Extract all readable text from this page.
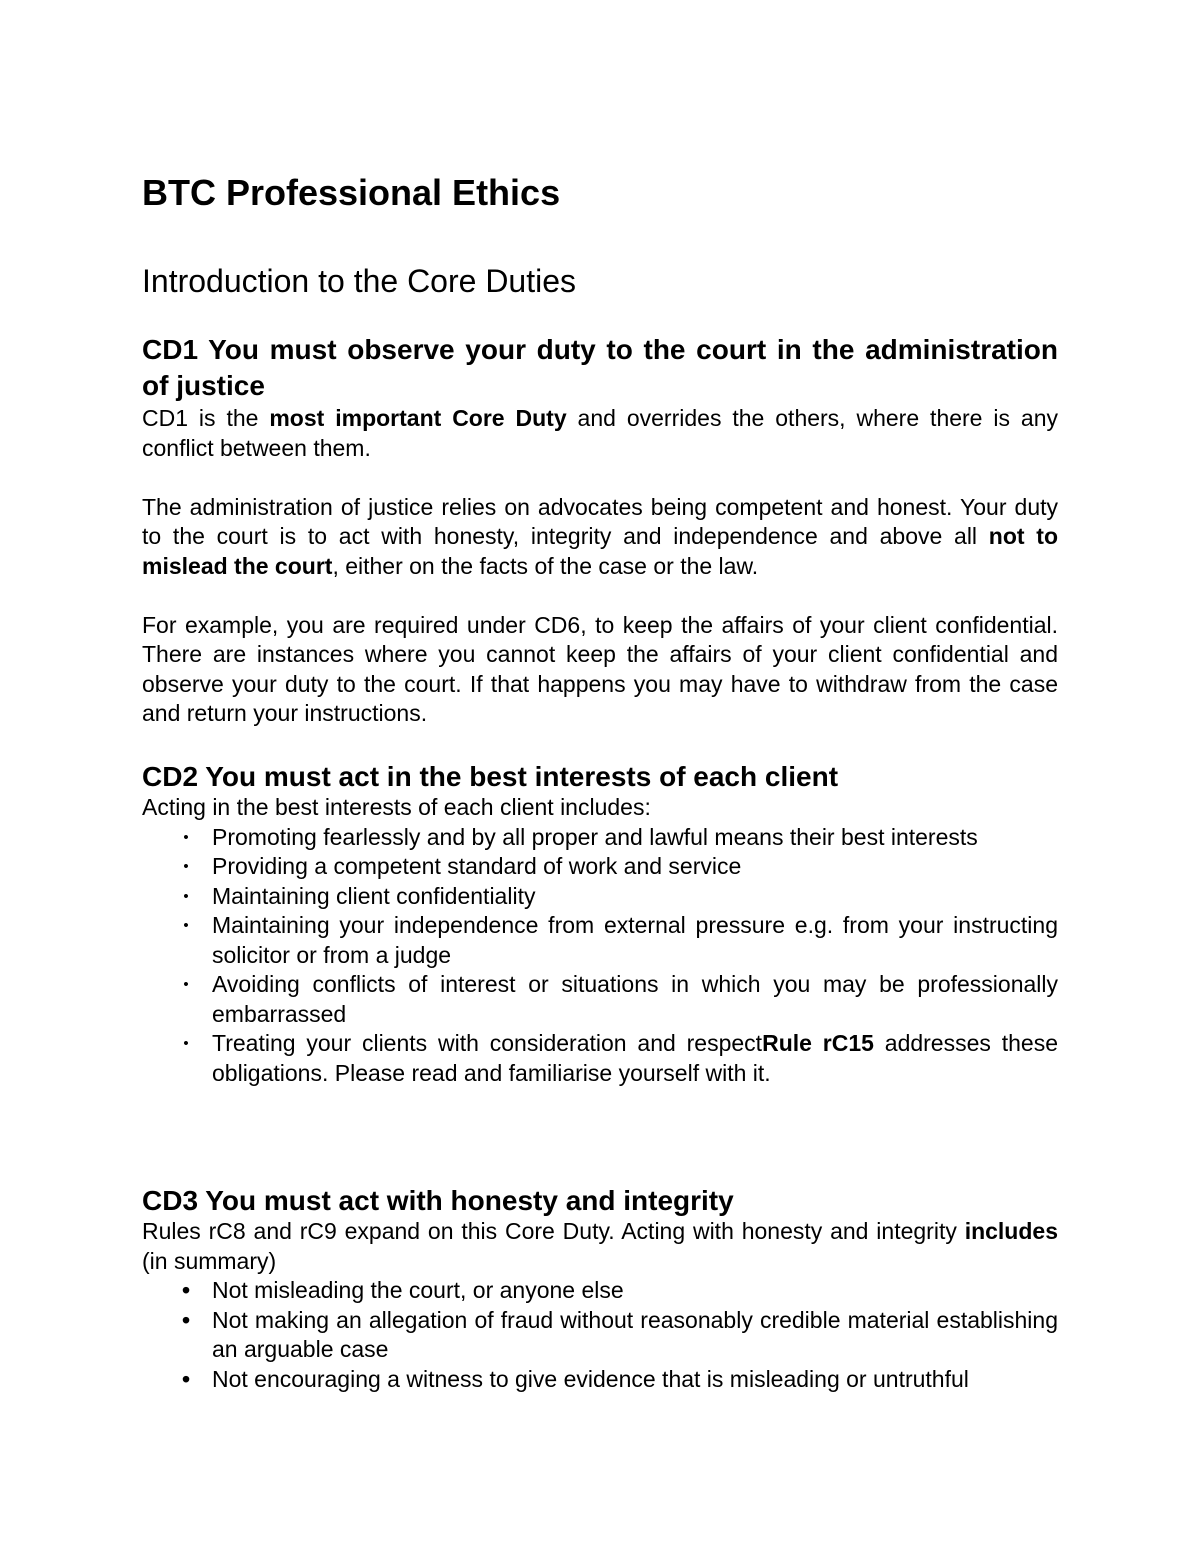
BTC Professional Ethics
Introduction to the Core Duties
CD1 You must observe your duty to the court in the administration of justice

CD1 is the most important Core Duty and overrides the others, where there is any conflict between them.

The administration of justice relies on advocates being competent and honest. Your duty to the court is to act with honesty, integrity and independence and above all not to mislead the court, either on the facts of the case or the law.

For example, you are required under CD6, to keep the affairs of your client confidential. There are instances where you cannot keep the affairs of your client confidential and observe your duty to the court. If that happens you may have to withdraw from the case and return your instructions.

CD2 You must act in the best interests of each client

Acting in the best interests of each client includes:

•	Promoting fearlessly and by all proper and lawful means their best interests
•	Providing a competent standard of work and service
•	Maintaining client confidentiality
•	Maintaining your independence from external pressure e.g. from your instructing solicitor or from a judge
•	Avoiding conflicts of interest or situations in which you may be professionally embarrassed
•	Treating your clients with consideration and respectRule rC15 addresses these obligations. Please read and familiarise yourself with it.
CD3 You must act with honesty and integrity

Rules rC8 and rC9 expand on this Core Duty. Acting with honesty and integrity includes (in summary)

• Not misleading the court, or anyone else
• Not making an allegation of fraud without reasonably credible material establishing an arguable case
• Not encouraging a witness to give evidence that is misleading or untruthful
